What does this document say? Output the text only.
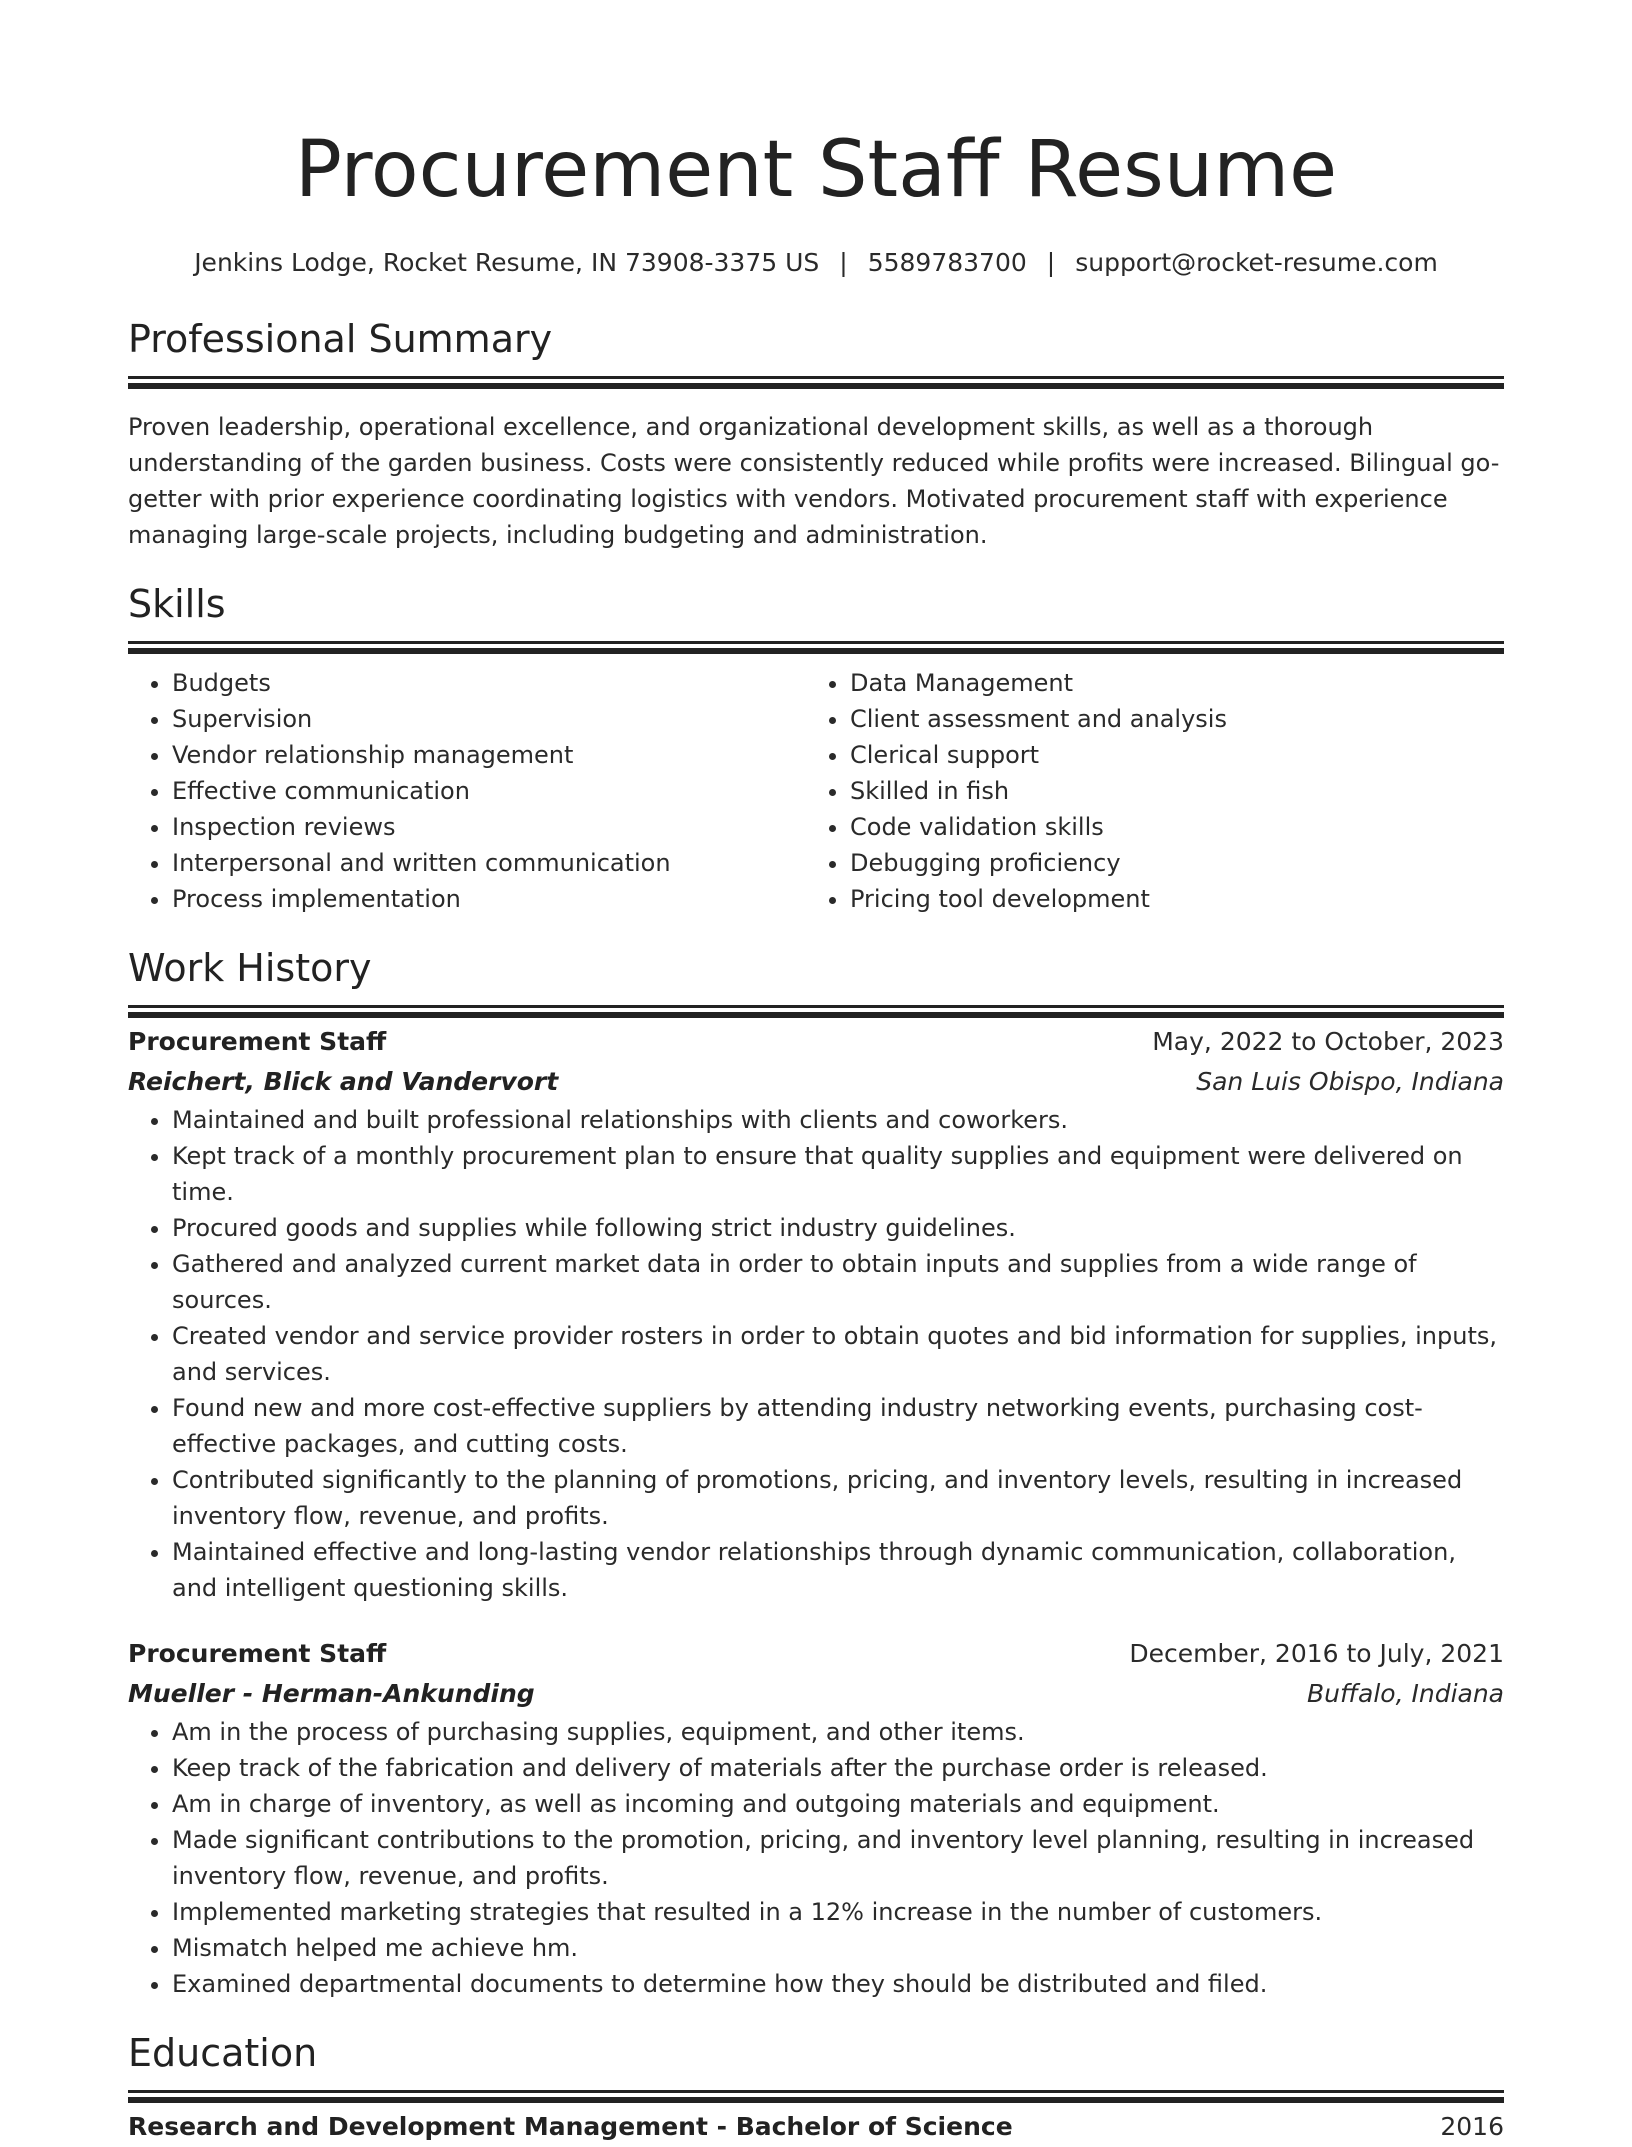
Procurement Staff Resume
Jenkins Lodge, Rocket Resume, IN 73908-3375 US | 5589783700 | support@rocket-resume.com
Professional Summary
Proven leadership, operational excellence, and organizational development skills, as well as a thorough understanding of the garden business. Costs were consistently reduced while profits were increased. Bilingual go-getter with prior experience coordinating logistics with vendors. Motivated procurement staff with experience managing large-scale projects, including budgeting and administration.
Skills
• Budgets
• Supervision
• Vendor relationship management
• Effective communication
• Inspection reviews
• Interpersonal and written communication
• Process implementation
• Data Management
• Client assessment and analysis
• Clerical support
• Skilled in fish
• Code validation skills
• Debugging proficiency
• Pricing tool development
Work History
Procurement Staff	May, 2022 to October, 2023
Reichert, Blick and Vandervort	San Luis Obispo, Indiana
• Maintained and built professional relationships with clients and coworkers.
• Kept track of a monthly procurement plan to ensure that quality supplies and equipment were delivered on time.
• Procured goods and supplies while following strict industry guidelines.
• Gathered and analyzed current market data in order to obtain inputs and supplies from a wide range of sources.
• Created vendor and service provider rosters in order to obtain quotes and bid information for supplies, inputs, and services.
• Found new and more cost-effective suppliers by attending industry networking events, purchasing cost-effective packages, and cutting costs.
• Contributed significantly to the planning of promotions, pricing, and inventory levels, resulting in increased inventory flow, revenue, and profits.
• Maintained effective and long-lasting vendor relationships through dynamic communication, collaboration, and intelligent questioning skills.
Procurement Staff	December, 2016 to July, 2021
Mueller - Herman-Ankunding	Buffalo, Indiana
• Am in the process of purchasing supplies, equipment, and other items.
• Keep track of the fabrication and delivery of materials after the purchase order is released.
• Am in charge of inventory, as well as incoming and outgoing materials and equipment.
• Made significant contributions to the promotion, pricing, and inventory level planning, resulting in increased inventory flow, revenue, and profits.
• Implemented marketing strategies that resulted in a 12% increase in the number of customers.
• Mismatch helped me achieve hm.
• Examined departmental documents to determine how they should be distributed and filed.
Education
Research and Development Management - Bachelor of Science	2016
